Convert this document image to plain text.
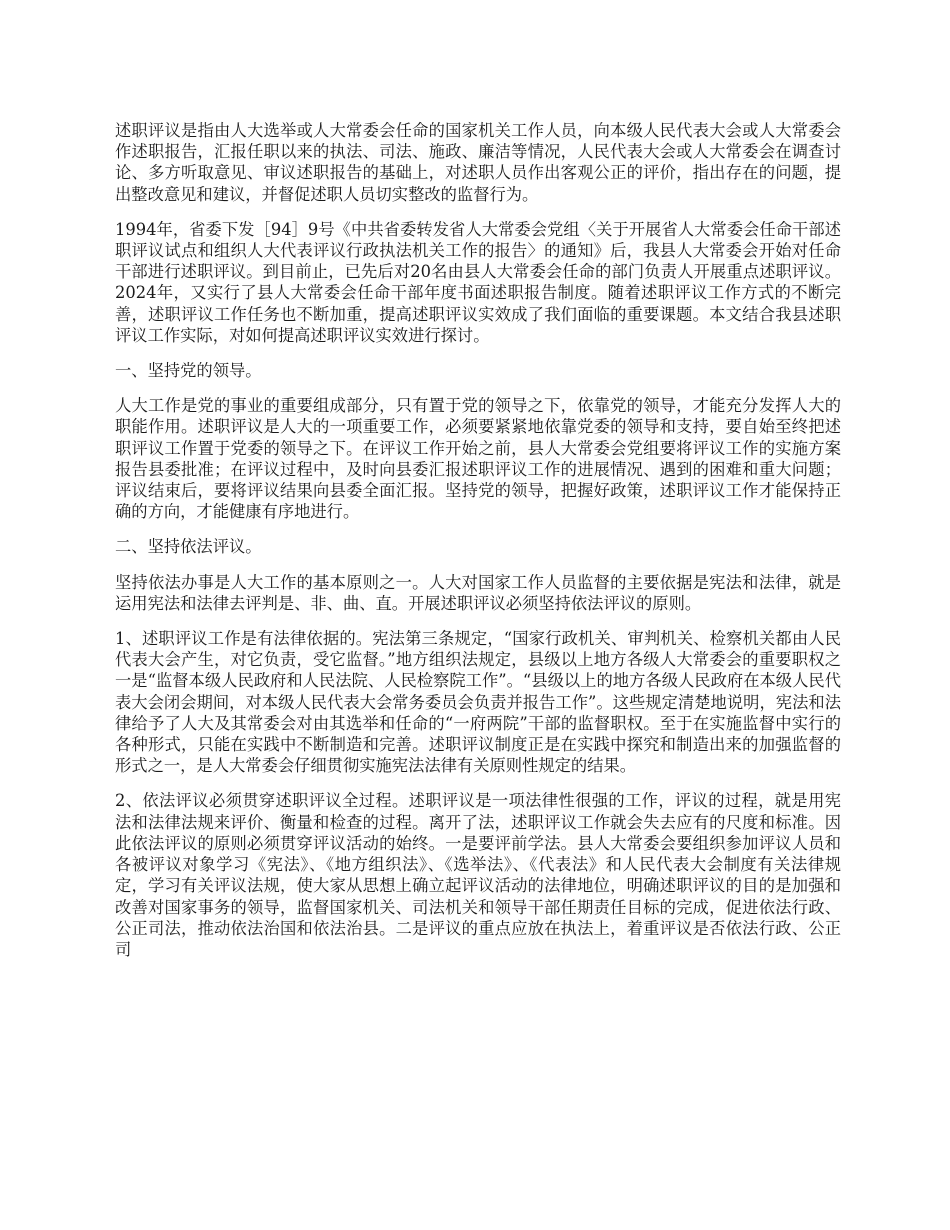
述职评议是指由人大选举或人大常委会任命的国家机关工作人员，向本级人民代表大会或人大常委会作述职报告，汇报任职以来的执法、司法、施政、廉洁等情况，人民代表大会或人大常委会在调查讨论、多方听取意见、审议述职报告的基础上，对述职人员作出客观公正的评价，指出存在的问题，提出整改意见和建议，并督促述职人员切实整改的监督行为。

1994年，省委下发［94］9号《中共省委转发省人大常委会党组〈关于开展省人大常委会任命干部述职评议试点和组织人大代表评议行政执法机关工作的报告〉的通知》后，我县人大常委会开始对任命干部进行述职评议。到目前止，已先后对20名由县人大常委会任命的部门负责人开展重点述职评议。2024年，又实行了县人大常委会任命干部年度书面述职报告制度。随着述职评议工作方式的不断完善，述职评议工作任务也不断加重，提高述职评议实效成了我们面临的重要课题。本文结合我县述职评议工作实际，对如何提高述职评议实效进行探讨。

一、坚持党的领导。

人大工作是党的事业的重要组成部分，只有置于党的领导之下，依靠党的领导，才能充分发挥人大的职能作用。述职评议是人大的一项重要工作，必须要紧紧地依靠党委的领导和支持，要自始至终把述职评议工作置于党委的领导之下。在评议工作开始之前，县人大常委会党组要将评议工作的实施方案报告县委批准；在评议过程中，及时向县委汇报述职评议工作的进展情况、遇到的困难和重大问题；评议结束后，要将评议结果向县委全面汇报。坚持党的领导，把握好政策，述职评议工作才能保持正确的方向，才能健康有序地进行。

二、坚持依法评议。

坚持依法办事是人大工作的基本原则之一。人大对国家工作人员监督的主要依据是宪法和法律，就是运用宪法和法律去评判是、非、曲、直。开展述职评议必须坚持依法评议的原则。

1、述职评议工作是有法律依据的。宪法第三条规定，“国家行政机关、审判机关、检察机关都由人民代表大会产生，对它负责，受它监督。”地方组织法规定，县级以上地方各级人大常委会的重要职权之一是“监督本级人民政府和人民法院、人民检察院工作”。“县级以上的地方各级人民政府在本级人民代表大会闭会期间，对本级人民代表大会常务委员会负责并报告工作”。这些规定清楚地说明，宪法和法律给予了人大及其常委会对由其选举和任命的“一府两院”干部的监督职权。至于在实施监督中实行的各种形式，只能在实践中不断制造和完善。述职评议制度正是在实践中探究和制造出来的加强监督的形式之一，是人大常委会仔细贯彻实施宪法法律有关原则性规定的结果。

2、依法评议必须贯穿述职评议全过程。述职评议是一项法律性很强的工作，评议的过程，就是用宪法和法律法规来评价、衡量和检查的过程。离开了法，述职评议工作就会失去应有的尺度和标准。因此依法评议的原则必须贯穿评议活动的始终。一是要评前学法。县人大常委会要组织参加评议人员和各被评议对象学习《宪法》、《地方组织法》、《选举法》、《代表法》和人民代表大会制度有关法律规定，学习有关评议法规，使大家从思想上确立起评议活动的法律地位，明确述职评议的目的是加强和改善对国家事务的领导，监督国家机关、司法机关和领导干部任期责任目标的完成，促进依法行政、公正司法，推动依法治国和依法治县。二是评议的重点应放在执法上，着重评议是否依法行政、公正司
